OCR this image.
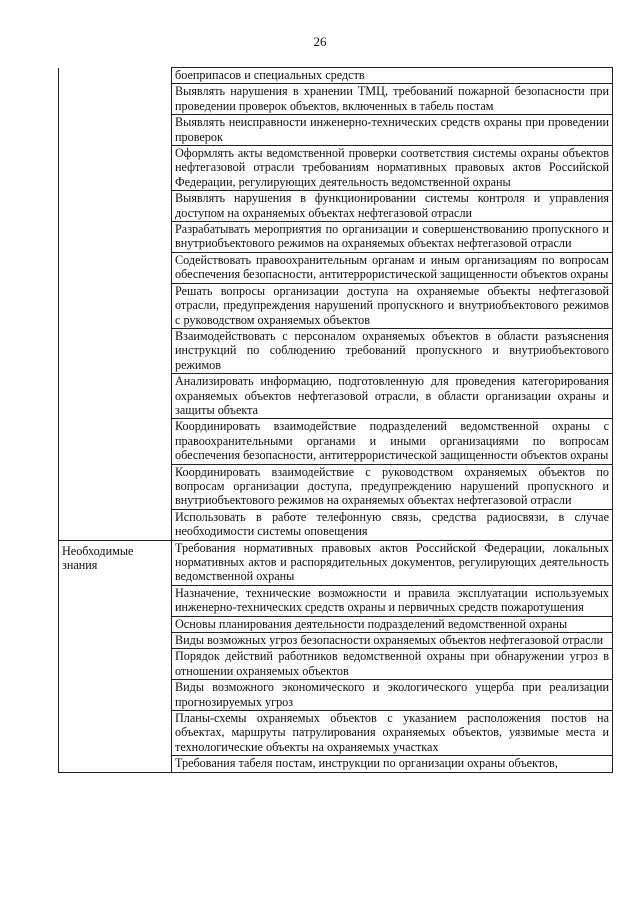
26
	боеприпасов и специальных средств
	Выявлять нарушения в хранении ТМЦ, требований пожарной безопасности при проведении проверок объектов, включенных в табель постам
	Выявлять неисправности инженерно-технических средств охраны при проведении проверок
	Оформлять акты ведомственной проверки соответствия системы охраны объектов нефтегазовой отрасли требованиям нормативных правовых актов Российской Федерации, регулирующих деятельность ведомственной охраны
	Выявлять нарушения в функционировании системы контроля и управления доступом на охраняемых объектах нефтегазовой отрасли
	Разрабатывать мероприятия по организации и совершенствованию пропускного и внутриобъектового режимов на охраняемых объектах нефтегазовой отрасли
	Содействовать правоохранительным органам и иным организациям по вопросам обеспечения безопасности, антитеррористической защищенности объектов охраны
	Решать вопросы организации доступа на охраняемые объекты нефтегазовой отрасли, предупреждения нарушений пропускного и внутриобъектового режимов с руководством охраняемых объектов
	Взаимодействовать с персоналом охраняемых объектов в области разъяснения инструкций по соблюдению требований пропускного и внутриобъектового режимов
	Анализировать информацию, подготовленную для проведения категорирования охраняемых объектов нефтегазовой отрасли, в области организации охраны и защиты объекта
	Координировать взаимодействие подразделений ведомственной охраны с правоохранительными органами и иными организациями по вопросам обеспечения безопасности, антитеррористической защищенности объектов охраны
	Координировать взаимодействие с руководством охраняемых объектов по вопросам организации доступа, предупреждению нарушений пропускного и внутриобъектового режимов на охраняемых объектах нефтегазовой отрасли
	Использовать в работе телефонную связь, средства радиосвязи, в случае необходимости системы оповещения
Необходимые знания	Требования нормативных правовых актов Российской Федерации, локальных нормативных актов и распорядительных документов, регулирующих деятельность ведомственной охраны
	Назначение, технические возможности и правила эксплуатации используемых инженерно-технических средств охраны и первичных средств пожаротушения
	Основы планирования деятельности подразделений ведомственной охраны
	Виды возможных угроз безопасности охраняемых объектов нефтегазовой отрасли
	Порядок действий работников ведомственной охраны при обнаружении угроз в отношении охраняемых объектов
	Виды возможного экономического и экологического ущерба при реализации прогнозируемых угроз
	Планы-схемы охраняемых объектов с указанием расположения постов на объектах, маршруты патрулирования охраняемых объектов, уязвимые места и технологические объекты на охраняемых участках
	Требования табеля постам, инструкции по организации охраны объектов,
